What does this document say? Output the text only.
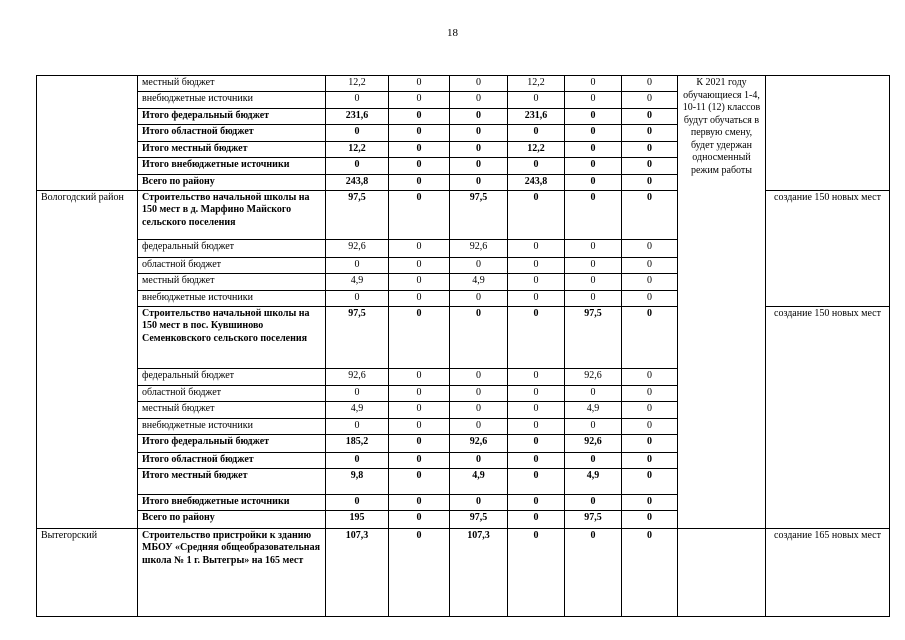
18
	местный бюджет	12,2	0	0	12,2	0	0	К 2021 году обучающиеся 1-4, 10-11 (12) классов будут обучаться в первую смену, будет удержан односменный режим работы	
	внебюджетные источники	0	0	0	0	0	0		
	Итого федеральный бюджет	231,6	0	0	231,6	0	0		
	Итого областной бюджет	0	0	0	0	0	0		
	Итого местный бюджет	12,2	0	0	12,2	0	0		
	Итого внебюджетные источники	0	0	0	0	0	0		
	Всего по району	243,8	0	0	243,8	0	0		
Вологодский район	Строительство начальной школы на 150 мест в д. Марфино Майского сельского поселения	97,5	0	97,5	0	0	0		создание 150 новых мест
	федеральный бюджет	92,6	0	92,6	0	0	0		
	областной бюджет	0	0	0	0	0	0		
	местный бюджет	4,9	0	4,9	0	0	0		
	внебюджетные источники	0	0	0	0	0	0		
	Строительство начальной школы на 150 мест в пос. Кувшиново Семенковского сельского поселения	97,5	0	0	0	97,5	0		создание 150 новых мест
	федеральный бюджет	92,6	0	0	0	92,6	0		
	областной бюджет	0	0	0	0	0	0		
	местный бюджет	4,9	0	0	0	4,9	0		
	внебюджетные источники	0	0	0	0	0	0		
	Итого федеральный бюджет	185,2	0	92,6	0	92,6	0		
	Итого областной бюджет	0	0	0	0	0	0		
	Итого местный бюджет	9,8	0	4,9	0	4,9	0		
	Итого внебюджетные источники	0	0	0	0	0	0		
	Всего по району	195	0	97,5	0	97,5	0		
Вытегорский	Строительство пристройки к зданию МБОУ «Средняя общеобразовательная школа № 1 г. Вытегры» на 165 мест	107,3	0	107,3	0	0	0		создание 165 новых мест
